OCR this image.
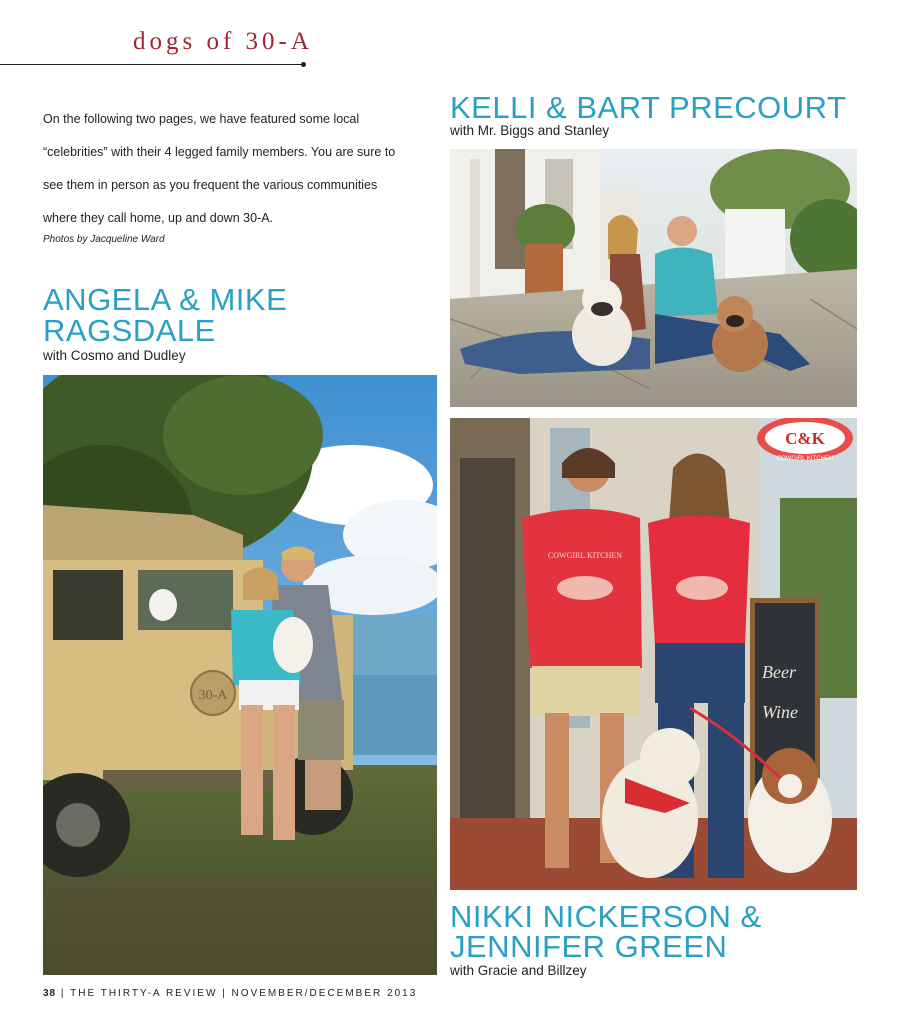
dogs of 30-A
On the following two pages, we have featured some local “celebrities” with their 4 legged family members. You are sure to see them in person as you frequent the various communities where they call home, up and down 30-A.
Photos by Jacqueline Ward
KELLI & BART PRECOURT
with Mr. Biggs and Stanley
ANGELA & MIKE
RAGSDALE
with Cosmo and Dudley
NIKKI NICKERSON &
JENNIFER GREEN
with Gracie and Billzey
30-A
C&K
COWGIRL KITCHEN
Beer
Wine
COWGIRL KITCHEN
38 | THE THIRTY-A REVIEW | NOVEMBER/DECEMBER 2013
